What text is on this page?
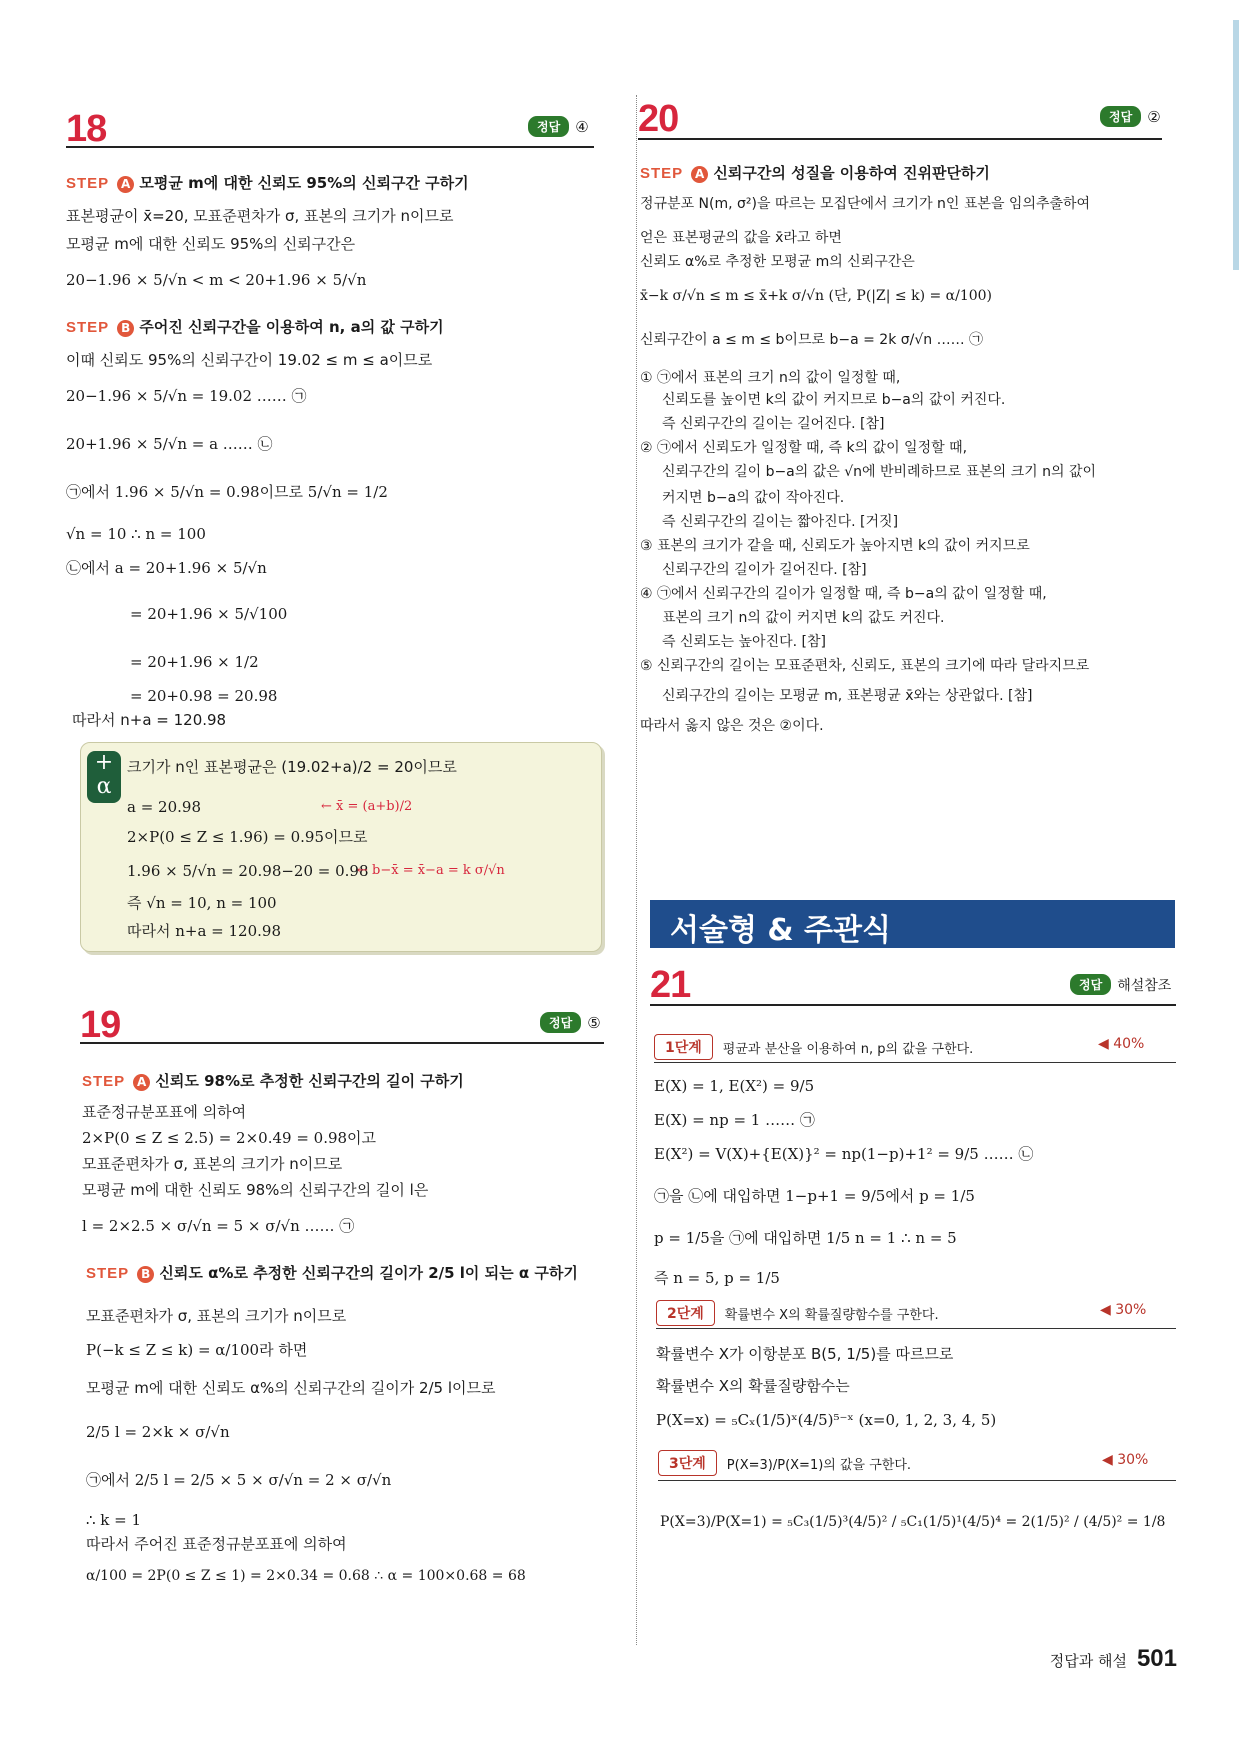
18	정답	④
STEP A 모평균 m에 대한 신뢰도 95%의 신뢰구간 구하기
표본평균이 x̄=20, 모표준편차가 σ, 표본의 크기가 n이므로
모평균 m에 대한 신뢰도 95%의 신뢰구간은
20−1.96 × 5/√n < m < 20+1.96 × 5/√n
STEP B 주어진 신뢰구간을 이용하여 n, a의 값 구하기
이때 신뢰도 95%의 신뢰구간이 19.02 ≤ m ≤ a이므로
20−1.96 × 5/√n = 19.02 …… ㉠
20+1.96 × 5/√n = a …… ㉡
㉠에서 1.96 × 5/√n = 0.98이므로 5/√n = 1/2
√n = 10 ∴ n = 100
㉡에서 a = 20+1.96 × 5/√n
= 20+1.96 × 5/√100
= 20+1.96 × 1/2
= 20+0.98 = 20.98
따라서 n+a = 120.98
+
α
크기가 n인 표본평균은 (19.02+a)/2 = 20이므로
a = 20.98	← x̄ = (a+b)/2
2×P(0 ≤ Z ≤ 1.96) = 0.95이므로
1.96 × 5/√n = 20.98−20 = 0.98
← b−x̄ = x̄−a = k σ/√n
즉 √n = 10, n = 100
따라서 n+a = 120.98
19	정답	⑤
STEP A 신뢰도 98%로 추정한 신뢰구간의 길이 구하기
표준정규분포표에 의하여
2×P(0 ≤ Z ≤ 2.5) = 2×0.49 = 0.98이고
모표준편차가 σ, 표본의 크기가 n이므로
모평균 m에 대한 신뢰도 98%의 신뢰구간의 길이 l은
l = 2×2.5 × σ/√n = 5 × σ/√n …… ㉠
STEP B 신뢰도 α%로 추정한 신뢰구간의 길이가 2/5 l이 되는 α 구하기
모표준편차가 σ, 표본의 크기가 n이므로
P(−k ≤ Z ≤ k) = α/100라 하면
모평균 m에 대한 신뢰도 α%의 신뢰구간의 길이가 2/5 l이므로
2/5 l = 2×k × σ/√n
㉠에서 2/5 l = 2/5 × 5 × σ/√n = 2 × σ/√n
∴ k = 1
따라서 주어진 표준정규분포표에 의하여
α/100 = 2P(0 ≤ Z ≤ 1) = 2×0.34 = 0.68 ∴ α = 100×0.68 = 68
20	정답	②
STEP A 신뢰구간의 성질을 이용하여 진위판단하기
정규분포 N(m, σ²)을 따르는 모집단에서 크기가 n인 표본을 임의추출하여
얻은 표본평균의 값을 x̄라고 하면
신뢰도 α%로 추정한 모평균 m의 신뢰구간은
x̄−k σ/√n ≤ m ≤ x̄+k σ/√n (단, P(|Z| ≤ k) = α/100)
신뢰구간이 a ≤ m ≤ b이므로 b−a = 2k σ/√n …… ㉠
① ㉠에서 표본의 크기 n의 값이 일정할 때,
신뢰도를 높이면 k의 값이 커지므로 b−a의 값이 커진다.
즉 신뢰구간의 길이는 길어진다. [참]
② ㉠에서 신뢰도가 일정할 때, 즉 k의 값이 일정할 때,
신뢰구간의 길이 b−a의 값은 √n에 반비례하므로 표본의 크기 n의 값이
커지면 b−a의 값이 작아진다.
즉 신뢰구간의 길이는 짧아진다. [거짓]
③ 표본의 크기가 같을 때, 신뢰도가 높아지면 k의 값이 커지므로
신뢰구간의 길이가 길어진다. [참]
④ ㉠에서 신뢰구간의 길이가 일정할 때, 즉 b−a의 값이 일정할 때,
표본의 크기 n의 값이 커지면 k의 값도 커진다.
즉 신뢰도는 높아진다. [참]
⑤ 신뢰구간의 길이는 모표준편차, 신뢰도, 표본의 크기에 따라 달라지므로
신뢰구간의 길이는 모평균 m, 표본평균 x̄와는 상관없다. [참]
따라서 옳지 않은 것은 ②이다.
서술형 & 주관식
21	정답	해설참조
1단계	평균과 분산을 이용하여 n, p의 값을 구한다.	◀ 40%
E(X) = 1, E(X²) = 9/5
E(X) = np = 1 …… ㉠
E(X²) = V(X)+{E(X)}² = np(1−p)+1² = 9/5 …… ㉡
㉠을 ㉡에 대입하면 1−p+1 = 9/5에서 p = 1/5
p = 1/5을 ㉠에 대입하면 1/5 n = 1 ∴ n = 5
즉 n = 5, p = 1/5
2단계	확률변수 X의 확률질량함수를 구한다.	◀ 30%
확률변수 X가 이항분포 B(5, 1/5)를 따르므로
확률변수 X의 확률질량함수는
P(X=x) = ₅Cₓ(1/5)ˣ(4/5)⁵⁻ˣ (x=0, 1, 2, 3, 4, 5)
3단계	P(X=3)/P(X=1)의 값을 구한다.	◀ 30%
P(X=3)/P(X=1) = ₅C₃(1/5)³(4/5)² / ₅C₁(1/5)¹(4/5)⁴ = 2(1/5)² / (4/5)² = 1/8
정답과 해설 501
